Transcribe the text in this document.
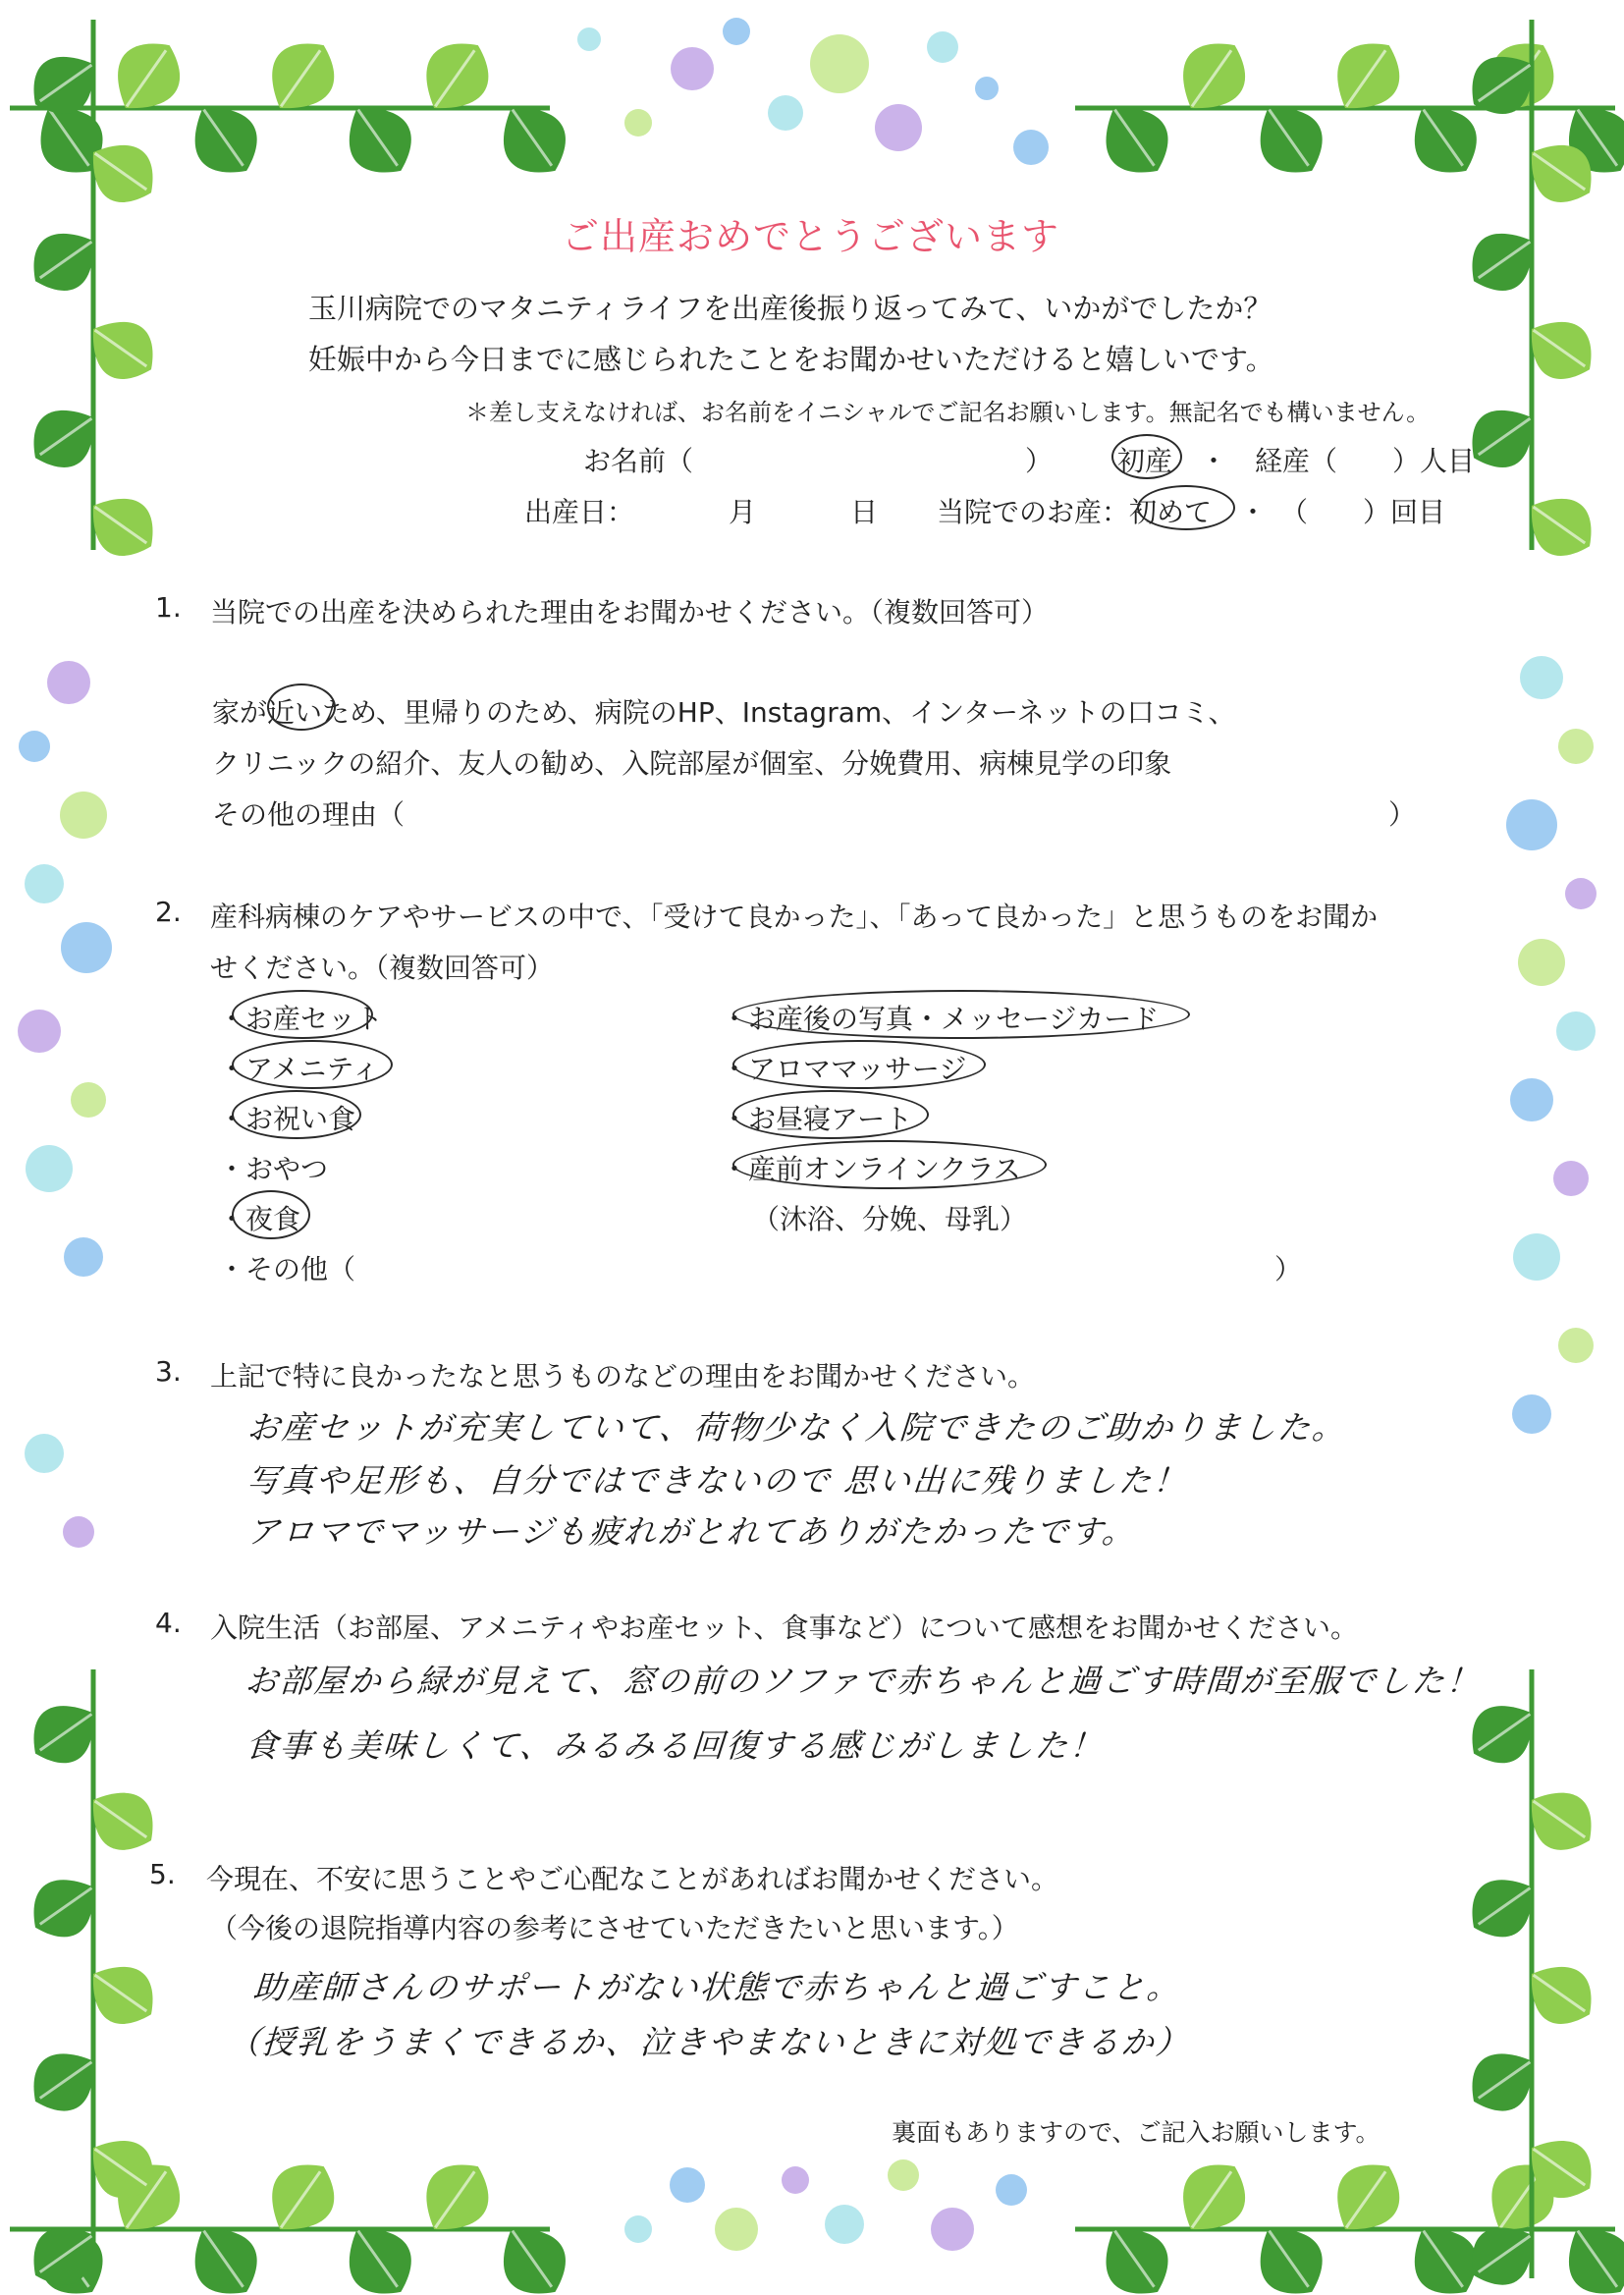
ご出産おめでとうございます
玉川病院でのマタニティライフを出産後振り返ってみて、いかがでしたか？
妊娠中から今日までに感じられたことをお聞かせいただけると嬉しいです。
＊差し支えなければ、お名前をイニシャルでご記名お願いします。無記名でも構いません。
お名前（	） 初産　・　経産（　　）人目
出産日：	月	日 当院でのお産：初めて　・　（　　）回目
1. 当院での出産を決められた理由をお聞かせください。（複数回答可）
家が近いため、里帰りのため、病院のHP、Instagram、インターネットの口コミ、
クリニックの紹介、友人の勧め、入院部屋が個室、分娩費用、病棟見学の印象
その他の理由（	）
2. 産科病棟のケアやサービスの中で、「受けて良かった」、「あって良かった」と思うものをお聞か
せください。（複数回答可）
・お産セット
・アメニティ
・お祝い食
・おやつ
・夜食
・その他（	）
・お産後の写真・メッセージカード
・アロママッサージ
・お昼寝アート
・産前オンラインクラス
（沐浴、分娩、母乳）
3. 上記で特に良かったなと思うものなどの理由をお聞かせください。
お産セットが充実していて、荷物少なく入院できたのご助かりました。
写真や足形も、自分ではできないので 思い出に残りました！
アロマでマッサージも疲れがとれてありがたかったです。
4. 入院生活（お部屋、アメニティやお産セット、食事など）について感想をお聞かせください。
お部屋から緑が見えて、窓の前のソファで赤ちゃんと過ごす時間が至服でした！
食事も美味しくて、みるみる回復する感じがしました！
5. 今現在、不安に思うことやご心配なことがあればお聞かせください。
（今後の退院指導内容の参考にさせていただきたいと思います。）
助産師さんのサポートがない状態で赤ちゃんと過ごすこと。
（授乳をうまくできるか、泣きやまないときに対処できるか）
裏面もありますので、ご記入お願いします。
